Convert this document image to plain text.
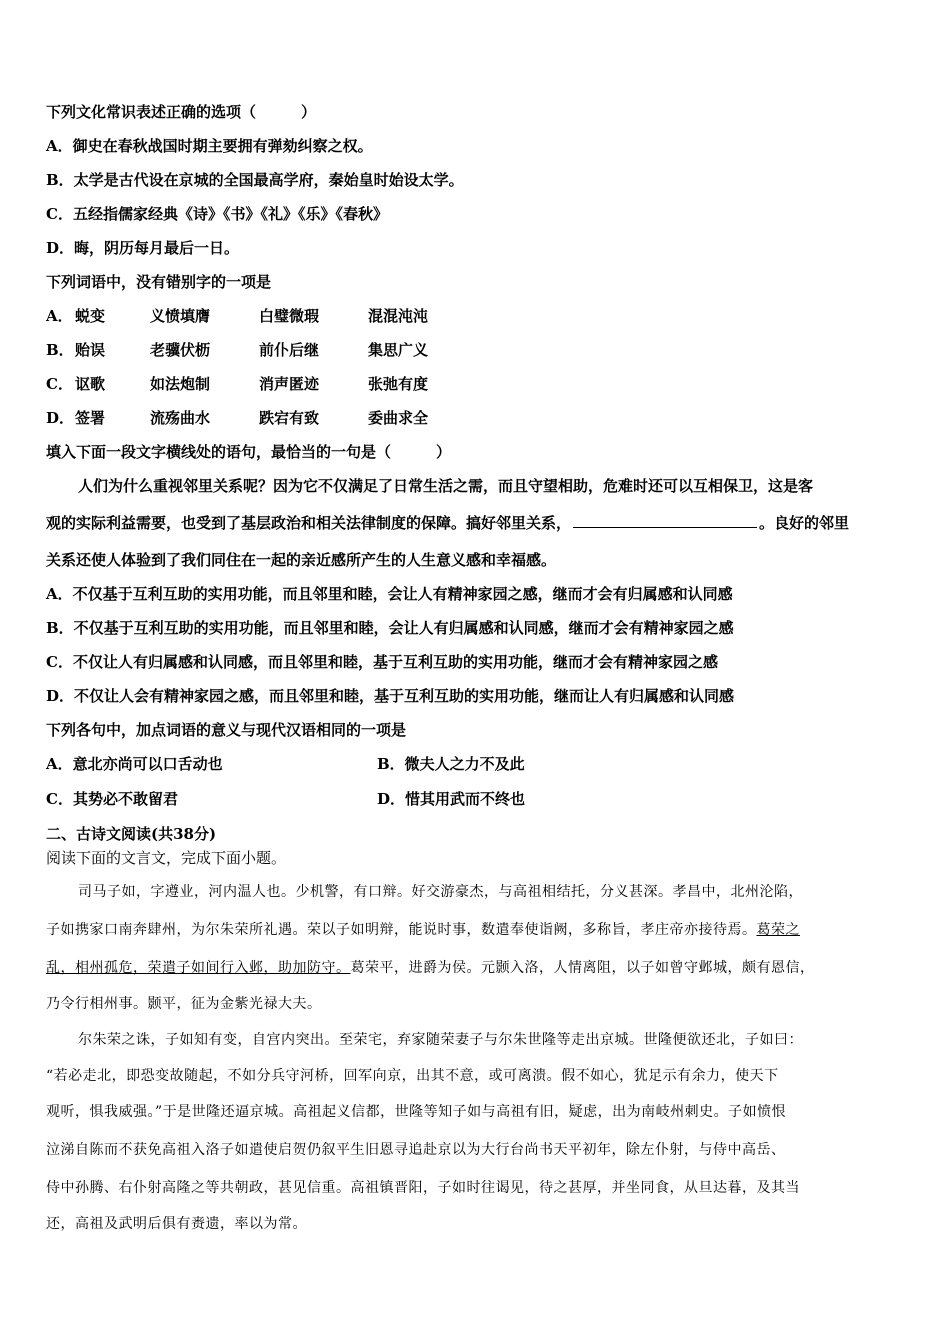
下列文化常识表述正确的选项（　　　）
A．御史在春秋战国时期主要拥有弹劾纠察之权。
B．太学是古代设在京城的全国最高学府，秦始皇时始设太学。
C．五经指儒家经典《诗》《书》《礼》《乐》《春秋》
D．晦，阴历每月最后一日。
下列词语中，没有错别字的一项是
A． 蜕变	义愤填膺	白璧微瑕	混混沌沌
B． 贻误	老骥伏枥	前仆后继	集思广义
C． 讴歌	如法炮制	消声匿迹	张弛有度
D． 签署	流殇曲水	跌宕有致	委曲求全
填入下面一段文字横线处的语句，最恰当的一句是（　　　）
人们为什么重视邻里关系呢？因为它不仅满足了日常生活之需，而且守望相助，危难时还可以互相保卫，这是客
观的实际利益需要，也受到了基层政治和相关法律制度的保障。搞好邻里关系，	。良好的邻里
关系还使人体验到了我们同住在一起的亲近感所产生的人生意义感和幸福感。
A．不仅基于互利互助的实用功能，而且邻里和睦，会让人有精神家园之感，继而才会有归属感和认同感
B．不仅基于互利互助的实用功能，而且邻里和睦，会让人有归属感和认同感，继而才会有精神家园之感
C．不仅让人有归属感和认同感，而且邻里和睦，基于互利互助的实用功能，继而才会有精神家园之感
D．不仅让人会有精神家园之感，而且邻里和睦，基于互利互助的实用功能，继而让人有归属感和认同感
下列各句中，加点词语的意义与现代汉语相同的一项是
A．意北亦尚可以口舌动也	B．微夫人之力不及此
C．其势必不敢留君	D．惜其用武而不终也
二、古诗文阅读(共38分)
阅读下面的文言文，完成下面小题。
司马子如，字遵业，河内温人也。少机警，有口辩。好交游豪杰，与高祖相结托，分义甚深。孝昌中，北州沦陷，
子如携家口南奔肆州，为尔朱荣所礼遇。荣以子如明辩，能说时事，数遣奉使诣阙，多称旨，孝庄帝亦接待焉。葛荣之
乱，相州孤危，荣遣子如间行入邺，助加防守。葛荣平，进爵为侯。元颢入洛，人情离阻，以子如曾守邺城，颇有恩信，
乃令行相州事。颢平，征为金紫光禄大夫。
尔朱荣之诛，子如知有变，自宫内突出。至荣宅，弃家随荣妻子与尔朱世隆等走出京城。世隆便欲还北，子如曰：
“若必走北，即恐变故随起，不如分兵守河桥，回军向京，出其不意，或可离溃。假不如心，犹足示有余力，使天下
观听，惧我威强。”于是世隆还逼京城。高祖起义信都，世隆等知子如与高祖有旧，疑虑，出为南岐州刺史。子如愤恨
泣涕自陈而不获免高祖入洛子如遣使启贺仍叙平生旧恩寻追赴京以为大行台尚书天平初年，除左仆射，与侍中高岳、
侍中孙腾、右仆射高隆之等共朝政，甚见信重。高祖镇晋阳，子如时往谒见，待之甚厚，并坐同食，从旦达暮，及其当
还，高祖及武明后俱有赉遗，率以为常。
